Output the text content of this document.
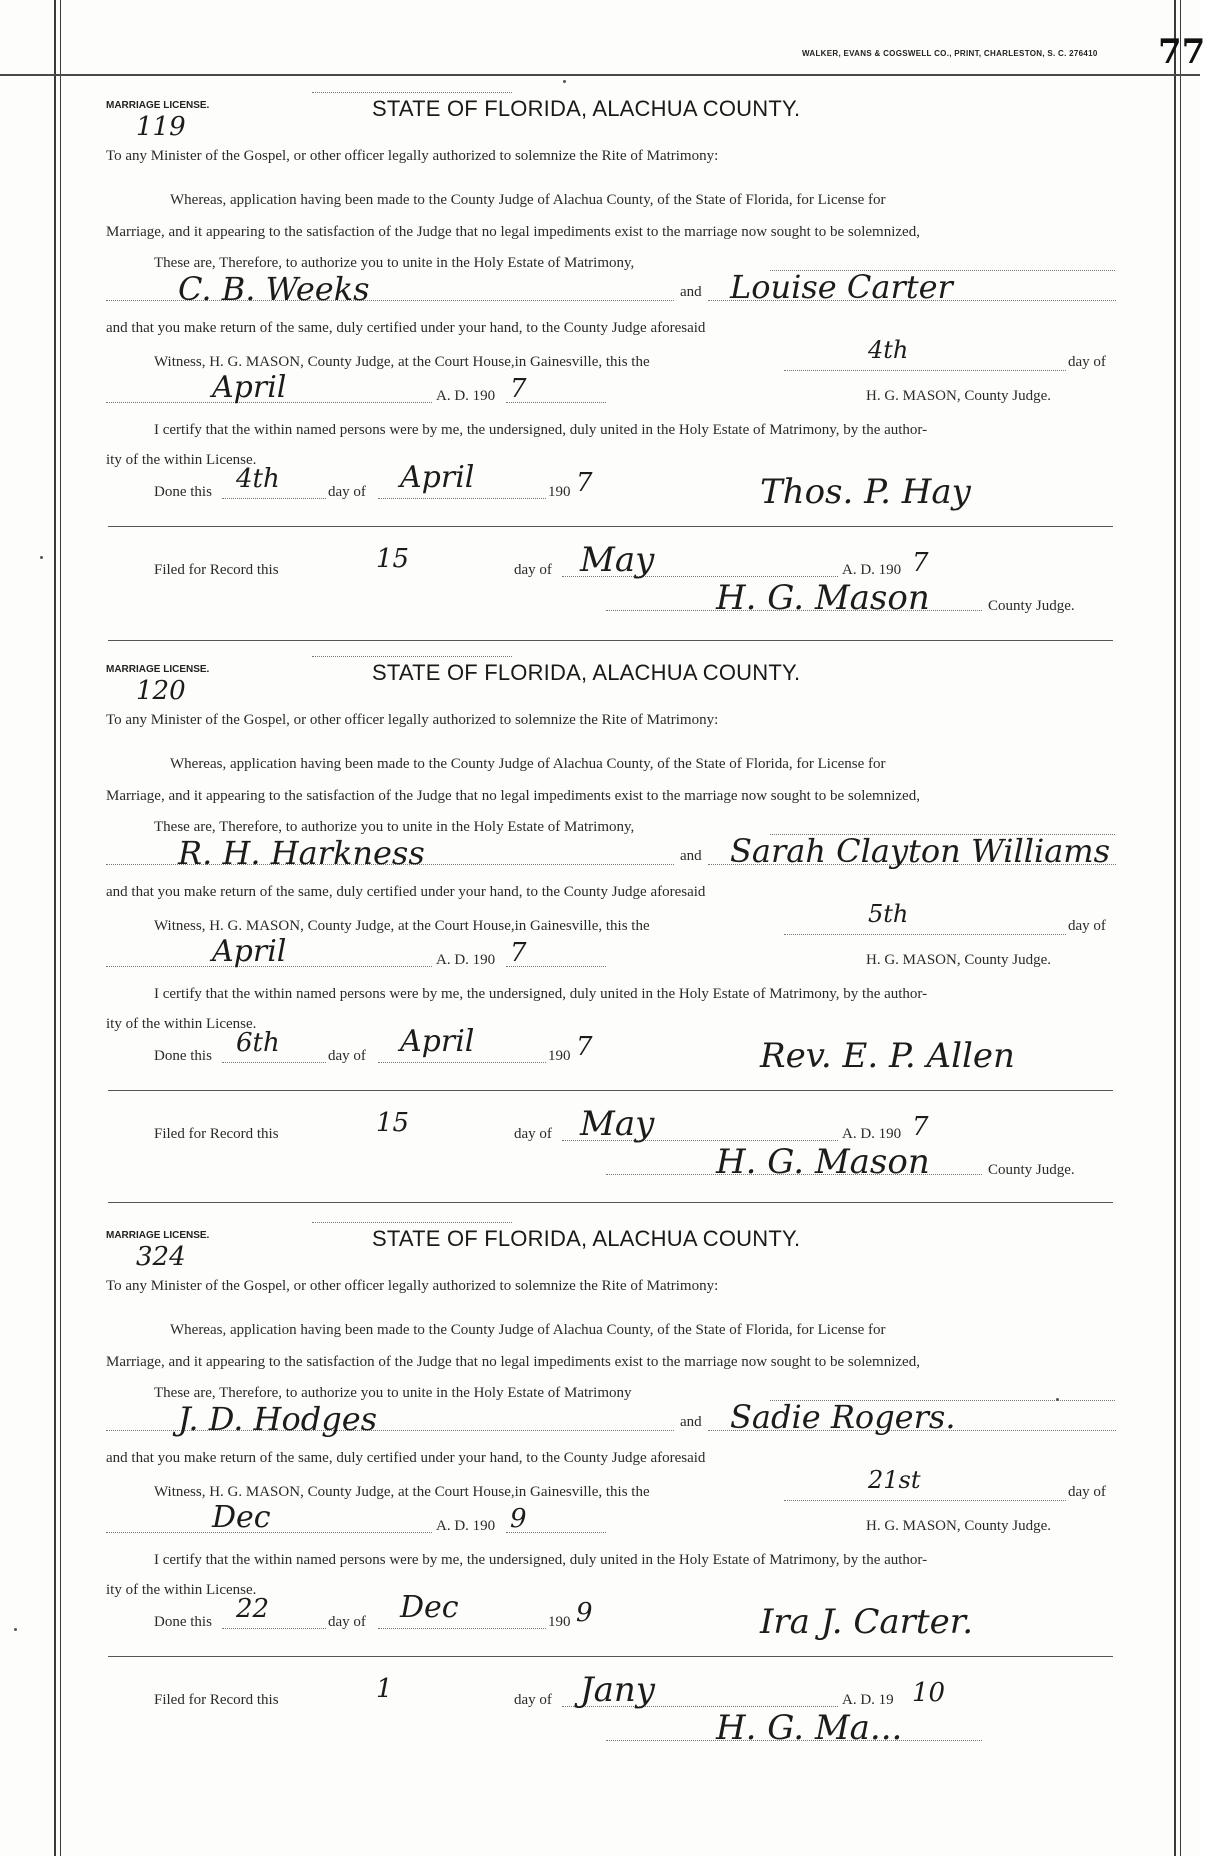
WALKER, EVANS & COGSWELL CO., PRINT, CHARLESTON, S. C. 276410 77
MARRIAGE LICENSE.
119
STATE OF FLORIDA, ALACHUA COUNTY.
To any Minister of the Gospel, or other officer legally authorized to solemnize the Rite of Matrimony:
Whereas, application having been made to the County Judge of Alachua County, of the State of Florida, for License for
Marriage, and it appearing to the satisfaction of the Judge that no legal impediments exist to the marriage now sought to be solemnized,
These are, Therefore, to authorize you to unite in the Holy Estate of Matrimony,
C. B. Weeks	and Louise Carter
and that you make return of the same, duly certified under your hand, to the County Judge aforesaid
Witness, H. G. MASON, County Judge, at the Court House,in Gainesville, this the	4th	day of
April	A. D. 190 7	H. G. MASON, County Judge.
I certify that the within named persons were by me, the undersigned, duly united in the Holy Estate of Matrimony, by the author-
ity of the within License.
Done this 4th	day of April	190 7	Thos. P. Hay
Filed for Record this	15	day of May	A. D. 190 7
H. G. Mason	County Judge.
MARRIAGE LICENSE.
120
STATE OF FLORIDA, ALACHUA COUNTY.
To any Minister of the Gospel, or other officer legally authorized to solemnize the Rite of Matrimony:
Whereas, application having been made to the County Judge of Alachua County, of the State of Florida, for License for
Marriage, and it appearing to the satisfaction of the Judge that no legal impediments exist to the marriage now sought to be solemnized,
These are, Therefore, to authorize you to unite in the Holy Estate of Matrimony,
R. H. Harkness	and Sarah Clayton Williams
and that you make return of the same, duly certified under your hand, to the County Judge aforesaid
Witness, H. G. MASON, County Judge, at the Court House,in Gainesville, this the	5th	day of
April	A. D. 190 7	H. G. MASON, County Judge.
I certify that the within named persons were by me, the undersigned, duly united in the Holy Estate of Matrimony, by the author-
ity of the within License.
Done this 6th	day of April	190 7	Rev. E. P. Allen
Filed for Record this	15	day of May	A. D. 190 7
H. G. Mason	County Judge.
MARRIAGE LICENSE.
324
STATE OF FLORIDA, ALACHUA COUNTY.
To any Minister of the Gospel, or other officer legally authorized to solemnize the Rite of Matrimony:
Whereas, application having been made to the County Judge of Alachua County, of the State of Florida, for License for
Marriage, and it appearing to the satisfaction of the Judge that no legal impediments exist to the marriage now sought to be solemnized,
These are, Therefore, to authorize you to unite in the Holy Estate of Matrimony
J. D. Hodges	and Sadie Rogers.
and that you make return of the same, duly certified under your hand, to the County Judge aforesaid
Witness, H. G. MASON, County Judge, at the Court House,in Gainesville, this the	21st	day of
Dec	A. D. 190 9	H. G. MASON, County Judge.
I certify that the within named persons were by me, the undersigned, duly united in the Holy Estate of Matrimony, by the author-
ity of the within License.
Done this 22	day of Dec	190 9	Ira J. Carter.
Filed for Record this	1	day of Jany	A. D. 19 10
H. G. Ma...
